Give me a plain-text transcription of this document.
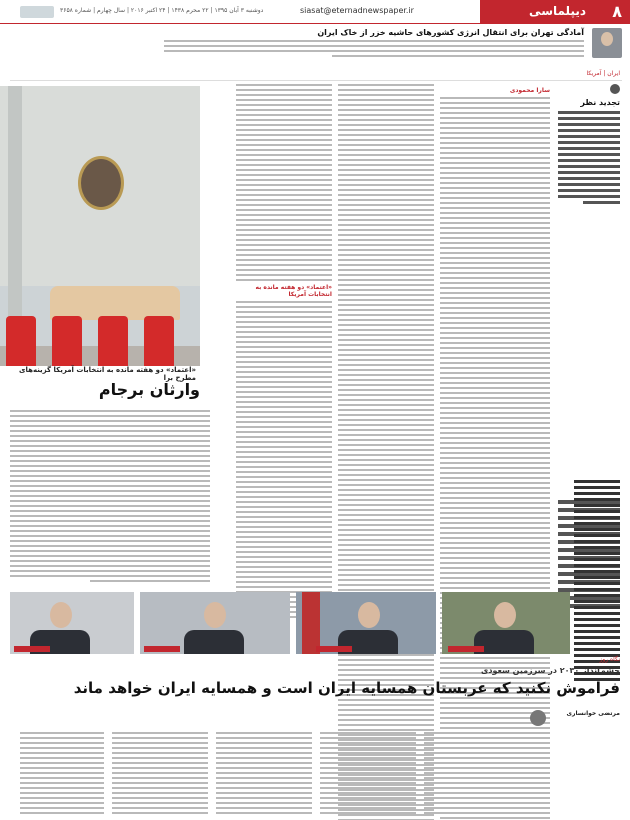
٨
دیپلماسی
siasat@eternadnewspaper.ir
دوشنبه ۳ آبان ۱۳۹۵ | ۲۲ محرم ۱۴۳۸ | ۲۴ اکتبر ۲۰۱۶ | سال چهارم | شماره ۳۶۵۸
آمادگی تهران برای انتقال انرژی کشورهای حاشیه خزر از خاک ایران
ایران | آمریکا
تجدید نظر
سارا محمودی
«اعتماد» دو هفته مانده به انتخابات آمریکا
«اعتماد» دو هفته مانده به انتخابات آمریکا گزینه‌های مطرح برا
وارثان برجام
نگاه روز
چشم‌انداز ۲۰۳۰ در سرزمین سعودی
فراموش نکنید که عربستان همسایه ایران است و همسایه ایران خواهد ماند
مرتضی خوانساری
